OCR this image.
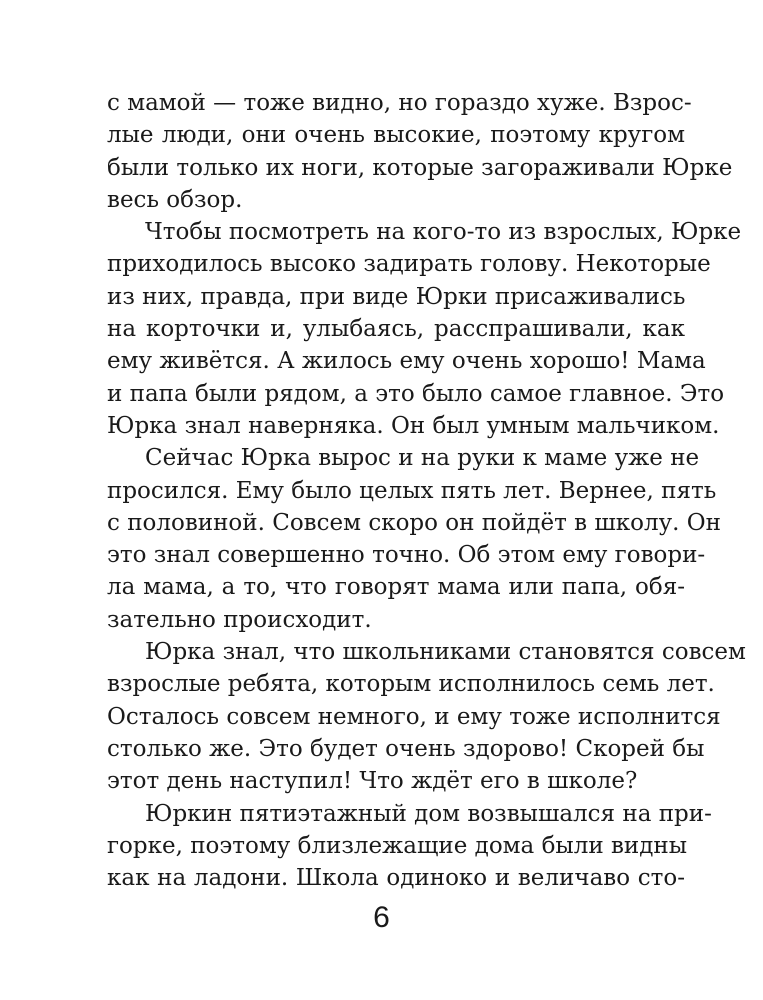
с мамой — тоже видно, но гораздо хуже. Взрос-
лые люди, они очень высокие, поэтому кругом
были только их ноги, которые загораживали Юрке
весь обзор.

Чтобы посмотреть на кого-то из взрослых, Юрке
приходилось высоко задирать голову. Некоторые
из них, правда, при виде Юрки присаживались
на корточки и, улыбаясь, расспрашивали, как
ему живётся. А жилось ему очень хорошо! Мама
и папа были рядом, а это было самое главное. Это
Юрка знал наверняка. Он был умным мальчиком.

Сейчас Юрка вырос и на руки к маме уже не
просился. Ему было целых пять лет. Вернее, пять
с половиной. Совсем скоро он пойдёт в школу. Он
это знал совершенно точно. Об этом ему говори-
ла мама, а то, что говорят мама или папа, обя-
зательно происходит.

Юрка знал, что школьниками становятся совсем
взрослые ребята, которым исполнилось семь лет.
Осталось совсем немного, и ему тоже исполнится
столько же. Это будет очень здорово! Скорей бы
этот день наступил! Что ждёт его в школе?

Юркин пятиэтажный дом возвышался на при-
горке, поэтому близлежащие дома были видны
как на ладони. Школа одиноко и величаво сто-

6
